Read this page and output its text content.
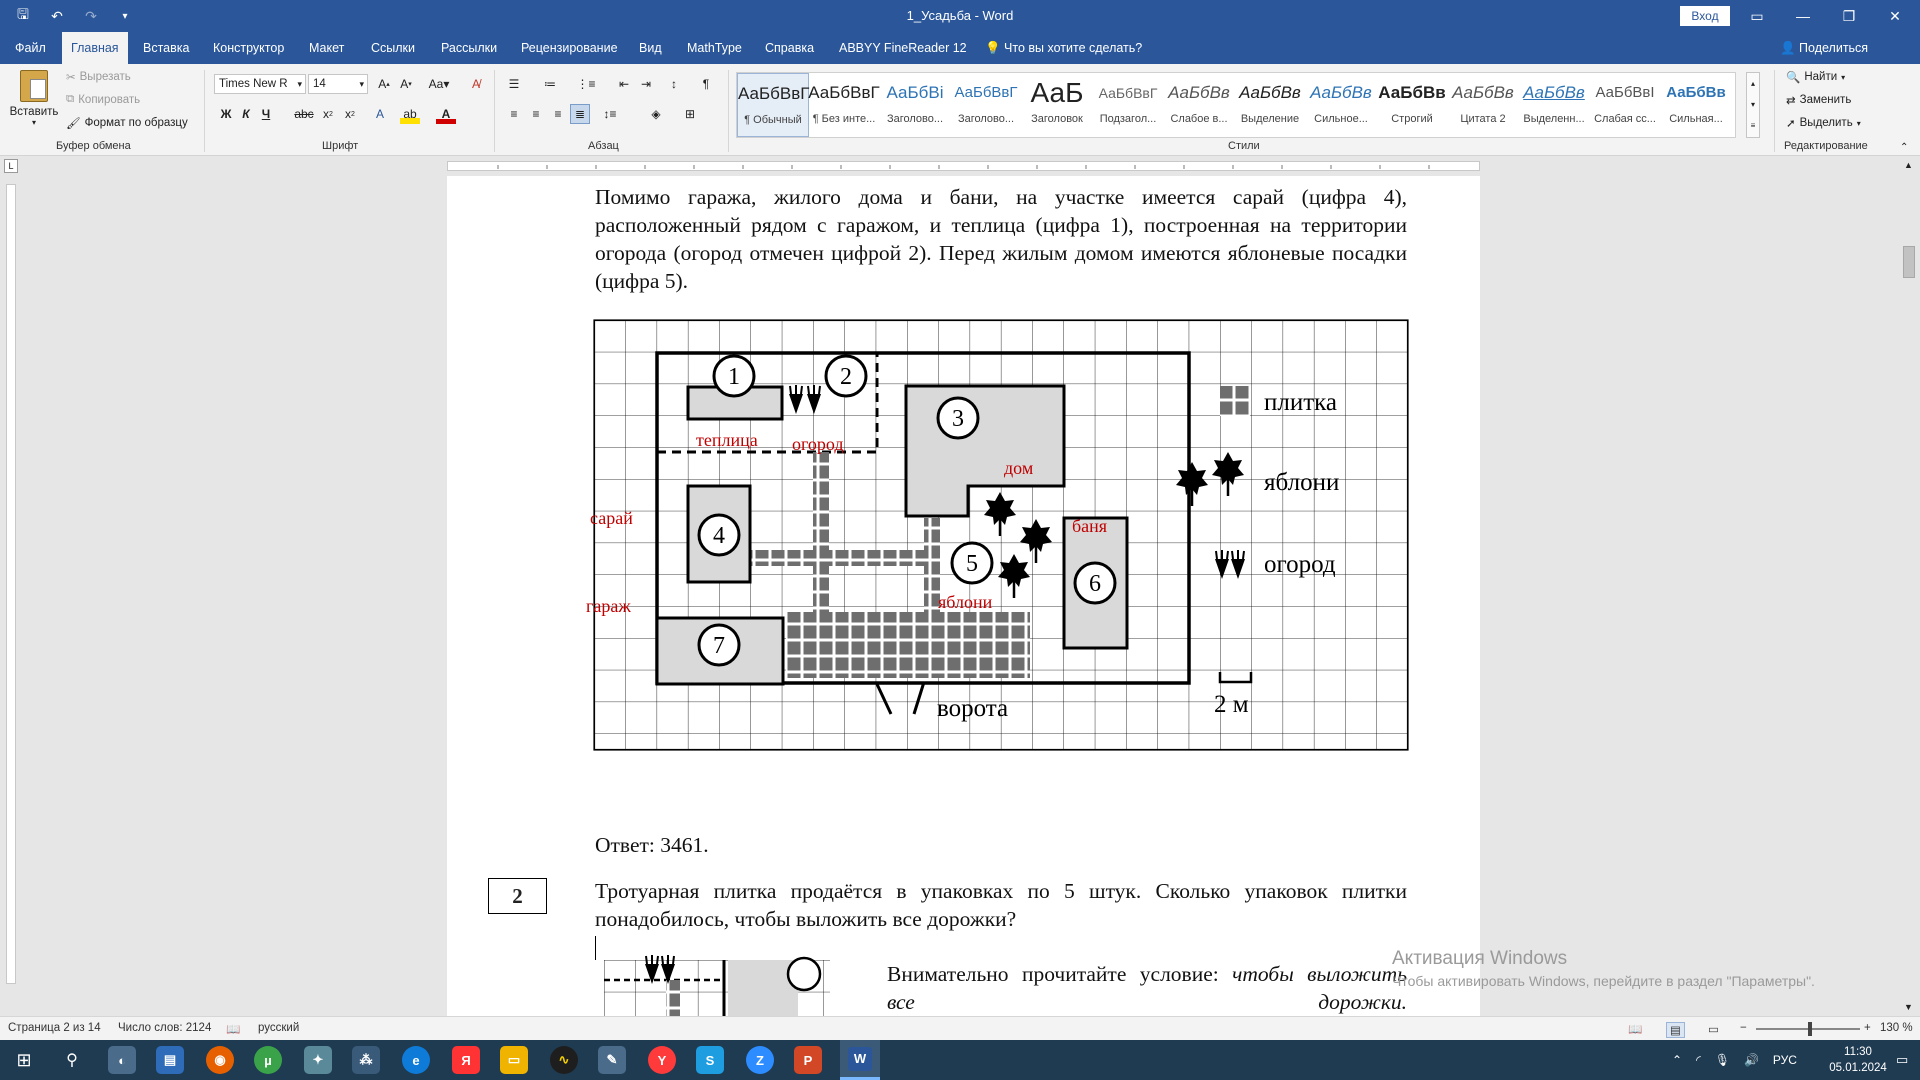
🖫	↶	↷	▾	1_Усадьба - Word	Вход	▭	—	❐	✕
Файл	Главная	Вставка	Конструктор	Макет	Ссылки	Рассылки	Рецензирование	Вид	MathType	Справка	ABBYY FineReader 12	💡 Что вы хотите сделать?	👤 Поделиться
Вставить
▾
✂ Вырезать
⧉ Копировать
🖌 Формат по образцу
Буфер обмена
Times New R ▾ 14	▾	A ▴ A ▾	Aa▾	A̸
Ж К	Ч	abc x 2	x 2	A	ab	A
Шрифт
☰	≔	⋮≡	⇤ ⇥	↕	¶
≡	≡	≡	≣	↕≡	◈	⊞
Абзац
АаБбВвГ
¶ Обычный
АаБбВвГ
¶ Без инте...
АаБбВі
Заголово...
АаБбВвГ
Заголово...
АаБ
Заголовок
АаБбВвГ
Подзагол...
АаБбВв
Слабое в...
АаБбВв
Выделение
АаБбВв
Сильное...
АаБбВв
Строгий
АаБбВв
Цитата 2
АаБбВв
Выделенн...
АаБбВвІ
Слабая сс...
АаБбВв
Сильная...
▴
▾
≡
Стили
🔍 Найти ▾
⇄ Заменить
➚ Выделить ▾
Редактирование	⌃
L

Помимо гаража, жилого дома и бани, на участке имеется сарай (цифра 4), расположенный рядом с гаражом, и теплица (цифра 1), построенная на территории огорода (огород отмечен цифрой 2). Перед жилым домом имеются яблоневые посадки (цифра 5).

1	2
3
4
5
6
7
теплица огород
дом
сарай	баня
яблони
гараж
ворота
плитка
яблони
огород
2 м

Ответ: 3461.

2	Тротуарная плитка продаётся в упаковках по 5 штук. Сколько упаковок плитки понадобилось, чтобы выложить все дорожки?

Внимательно прочитайте условие: чтобы выложить все дорожки.

Активация Windows
Чтобы активировать Windows, перейдите в раздел "Параметры".
▲
▼
Страница 2 из 14 Число слов: 2124 📖 русский	📖	▤	▭ −	+ 130 %
⊞	⚲	◐	▤	◉	µ	✦	⁂	e	Я	▭	∿	✎	Y	S	Z	P	W	⌃ ◜ 🎙 🔊 РУС
11:30
05.01.2024
▭
